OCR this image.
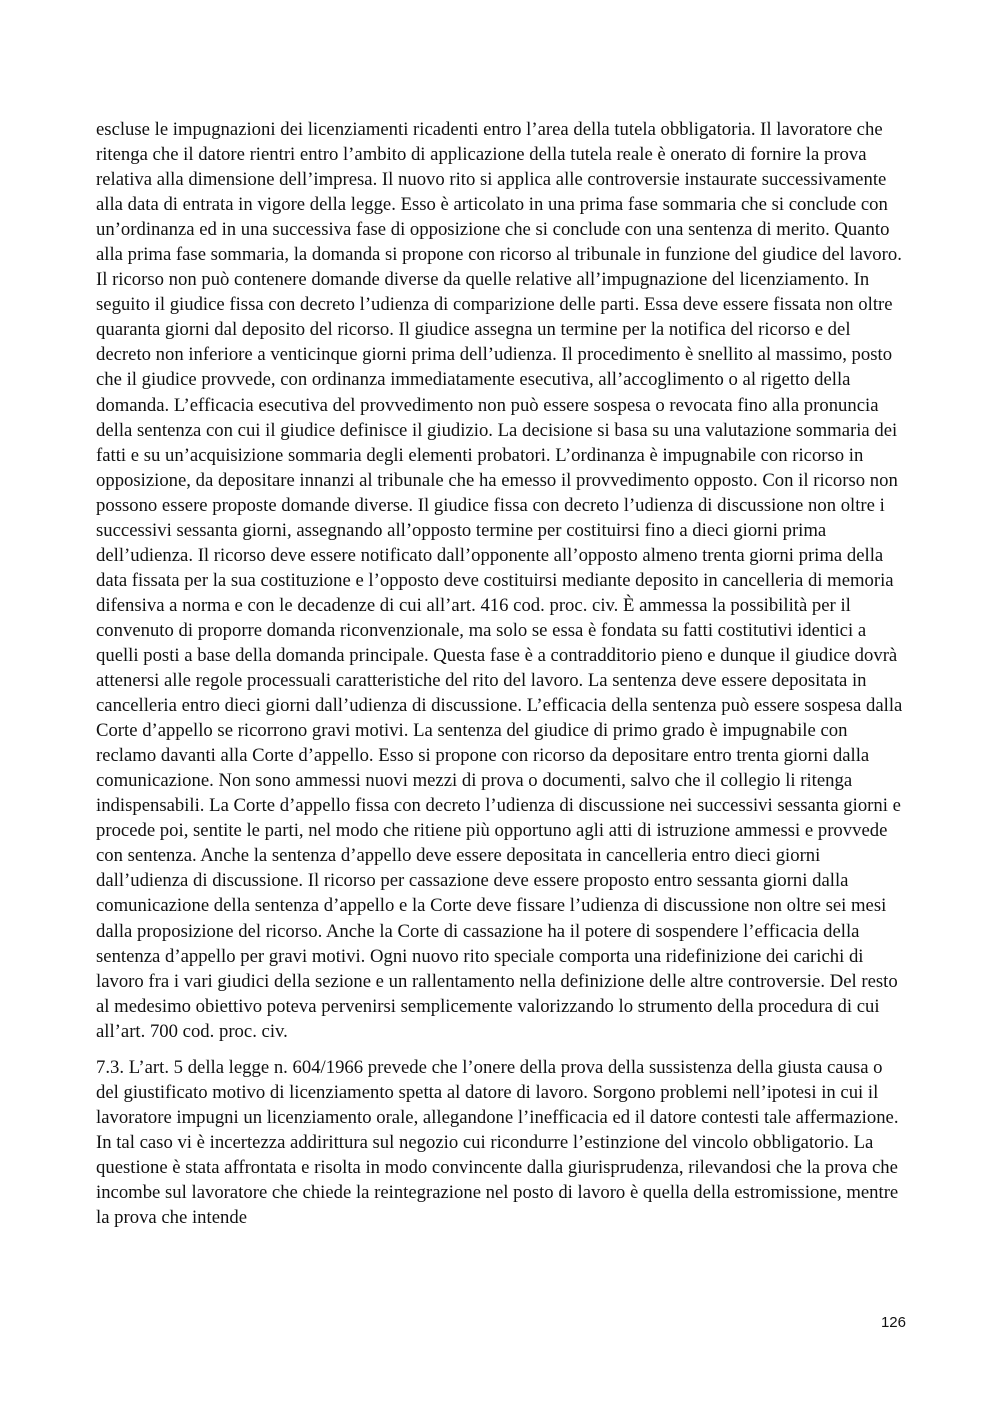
escluse le impugnazioni dei licenziamenti ricadenti entro l’area della tutela obbligatoria. Il lavoratore che ritenga che il datore rientri entro l’ambito di applicazione della tutela reale è onerato di fornire la prova relativa alla dimensione dell’impresa. Il nuovo rito si applica alle controversie instaurate successivamente alla data di entrata in vigore della legge. Esso è articolato in una prima fase sommaria che si conclude con un’ordinanza ed in una successiva fase di opposizione che si conclude con una sentenza di merito. Quanto alla prima fase sommaria, la domanda si propone con ricorso al tribunale in funzione del giudice del lavoro. Il ricorso non può contenere domande diverse da quelle relative all’impugnazione del licenziamento. In seguito il giudice fissa con decreto l’udienza di comparizione delle parti. Essa deve essere fissata non oltre quaranta giorni dal deposito del ricorso. Il giudice assegna un termine per la notifica del ricorso e del decreto non inferiore a venticinque giorni prima dell’udienza. Il procedimento è snellito al massimo, posto che il giudice provvede, con ordinanza immediatamente esecutiva, all’accoglimento o al rigetto della domanda. L’efficacia esecutiva del provvedimento non può essere sospesa o revocata fino alla pronuncia della sentenza con cui il giudice definisce il giudizio. La decisione si basa su una valutazione sommaria dei fatti e su un’acquisizione sommaria degli elementi probatori. L’ordinanza è impugnabile con ricorso in opposizione, da depositare innanzi al tribunale che ha emesso il provvedimento opposto. Con il ricorso non possono essere proposte domande diverse. Il giudice fissa con decreto l’udienza di discussione non oltre i successivi sessanta giorni, assegnando all’opposto termine per costituirsi fino a dieci giorni prima dell’udienza. Il ricorso deve essere notificato dall’opponente all’opposto almeno trenta giorni prima della data fissata per la sua costituzione e l’opposto deve costituirsi mediante deposito in cancelleria di memoria difensiva a norma e con le decadenze di cui all’art. 416 cod. proc. civ. È ammessa la possibilità per il convenuto di proporre domanda riconvenzionale, ma solo se essa è fondata su fatti costitutivi identici a quelli posti a base della domanda principale. Questa fase è a contradditorio pieno e dunque il giudice dovrà attenersi alle regole processuali caratteristiche del rito del lavoro. La sentenza deve essere depositata in cancelleria entro dieci giorni dall’udienza di discussione. L’efficacia della sentenza può essere sospesa dalla Corte d’appello se ricorrono gravi motivi. La sentenza del giudice di primo grado è impugnabile con reclamo davanti alla Corte d’appello. Esso si propone con ricorso da depositare entro trenta giorni dalla comunicazione. Non sono ammessi nuovi mezzi di prova o documenti, salvo che il collegio li ritenga indispensabili. La Corte d’appello fissa con decreto l’udienza di discussione nei successivi sessanta giorni e procede poi, sentite le parti, nel modo che ritiene più opportuno agli atti di istruzione ammessi e provvede con sentenza. Anche la sentenza d’appello deve essere depositata in cancelleria entro dieci giorni dall’udienza di discussione. Il ricorso per cassazione deve essere proposto entro sessanta giorni dalla comunicazione della sentenza d’appello e la Corte deve fissare l’udienza di discussione non oltre sei mesi dalla proposizione del ricorso. Anche la Corte di cassazione ha il potere di sospendere l’efficacia della sentenza d’appello per gravi motivi. Ogni nuovo rito speciale comporta una ridefinizione dei carichi di lavoro fra i vari giudici della sezione e un rallentamento nella definizione delle altre controversie. Del resto al medesimo obiettivo poteva pervenirsi semplicemente valorizzando lo strumento della procedura di cui all’art. 700 cod. proc. civ.

7.3. L’art. 5 della legge n. 604/1966 prevede che l’onere della prova della sussistenza della giusta causa o del giustificato motivo di licenziamento spetta al datore di lavoro. Sorgono problemi nell’ipotesi in cui il lavoratore impugni un licenziamento orale, allegandone l’inefficacia ed il datore contesti tale affermazione. In tal caso vi è incertezza addirittura sul negozio cui ricondurre l’estinzione del vincolo obbligatorio. La questione è stata affrontata e risolta in modo convincente dalla giurisprudenza, rilevandosi che la prova che incombe sul lavoratore che chiede la reintegrazione nel posto di lavoro è quella della estromissione, mentre la prova che intende

126
